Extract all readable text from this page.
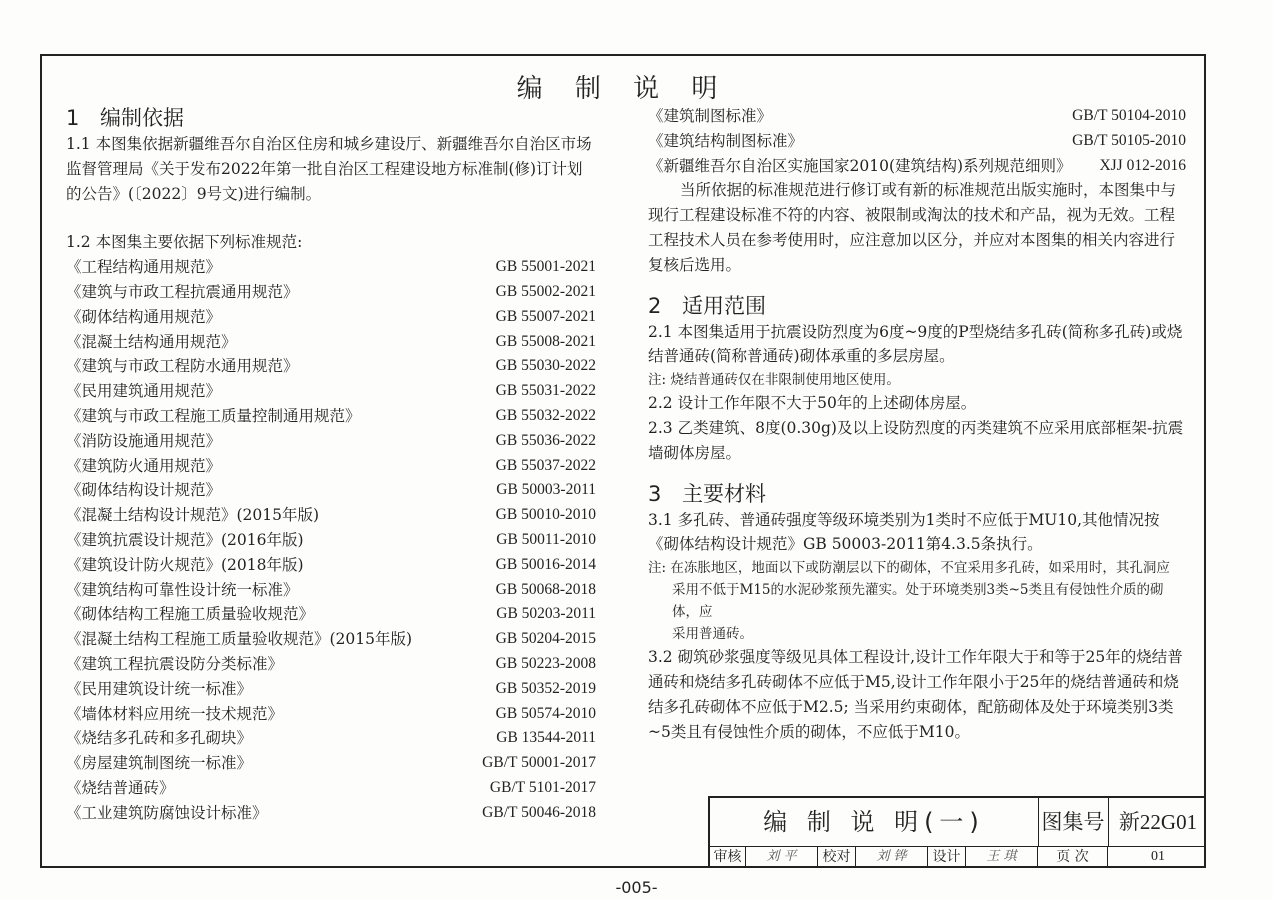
编 制 说 明
1 编制依据

1.1 本图集依据新疆维吾尔自治区住房和城乡建设厅、新疆维吾尔自治区市场监督管理局《关于发布2022年第一批自治区工程建设地方标准制(修)订计划的公告》(〔2022〕9号文)进行编制。

1.2 本图集主要依据下列标准规范:

《工程结构通用规范》	GB 55001-2021
《建筑与市政工程抗震通用规范》	GB 55002-2021
《砌体结构通用规范》	GB 55007-2021
《混凝土结构通用规范》	GB 55008-2021
《建筑与市政工程防水通用规范》	GB 55030-2022
《民用建筑通用规范》	GB 55031-2022
《建筑与市政工程施工质量控制通用规范》	GB 55032-2022
《消防设施通用规范》	GB 55036-2022
《建筑防火通用规范》	GB 55037-2022
《砌体结构设计规范》	GB 50003-2011
《混凝土结构设计规范》(2015年版)	GB 50010-2010
《建筑抗震设计规范》(2016年版)	GB 50011-2010
《建筑设计防火规范》(2018年版)	GB 50016-2014
《建筑结构可靠性设计统一标准》	GB 50068-2018
《砌体结构工程施工质量验收规范》	GB 50203-2011
《混凝土结构工程施工质量验收规范》(2015年版)	GB 50204-2015
《建筑工程抗震设防分类标准》	GB 50223-2008
《民用建筑设计统一标准》	GB 50352-2019
《墙体材料应用统一技术规范》	GB 50574-2010
《烧结多孔砖和多孔砌块》	GB 13544-2011
《房屋建筑制图统一标准》	GB/T 50001-2017
《烧结普通砖》	GB/T 5101-2017
《工业建筑防腐蚀设计标准》	GB/T 50046-2018
《建筑制图标准》	GB/T 50104-2010
《建筑结构制图标准》	GB/T 50105-2010
《新疆维吾尔自治区实施国家2010(建筑结构)系列规范细则》 XJJ 012-2016

当所依据的标准规范进行修订或有新的标准规范出版实施时，本图集中与现行工程建设标准不符的内容、被限制或淘汰的技术和产品，视为无效。工程工程技术人员在参考使用时，应注意加以区分，并应对本图集的相关内容进行复核后选用。

2 适用范围

2.1 本图集适用于抗震设防烈度为6度~9度的P型烧结多孔砖(简称多孔砖)或烧结普通砖(简称普通砖)砌体承重的多层房屋。

注: 烧结普通砖仅在非限制使用地区使用。

2.2 设计工作年限不大于50年的上述砌体房屋。

2.3 乙类建筑、8度(0.30g)及以上设防烈度的丙类建筑不应采用底部框架-抗震墙砌体房屋。

3 主要材料

3.1 多孔砖、普通砖强度等级环境类别为1类时不应低于MU10,其他情况按《砌体结构设计规范》GB 50003-2011第4.3.5条执行。

注: 在冻胀地区，地面以下或防潮层以下的砌体，不宜采用多孔砖，如采用时，其孔洞应

采用不低于M15的水泥砂浆预先灌实。处于环境类别3类~5类且有侵蚀性介质的砌体，应

采用普通砖。

3.2 砌筑砂浆强度等级见具体工程设计,设计工作年限大于和等于25年的烧结普通砖和烧结多孔砖砌体不应低于M5,设计工作年限小于25年的烧结普通砖和烧结多孔砖砌体不应低于M2.5; 当采用约束砌体，配筋砌体及处于环境类别3类~5类且有侵蚀性介质的砌体，不应低于M10。

编 制 说 明(一)	图集号 新22G01
审核	刘 平	校对	刘 铧	设计	王 琪	页 次	01
-005-
